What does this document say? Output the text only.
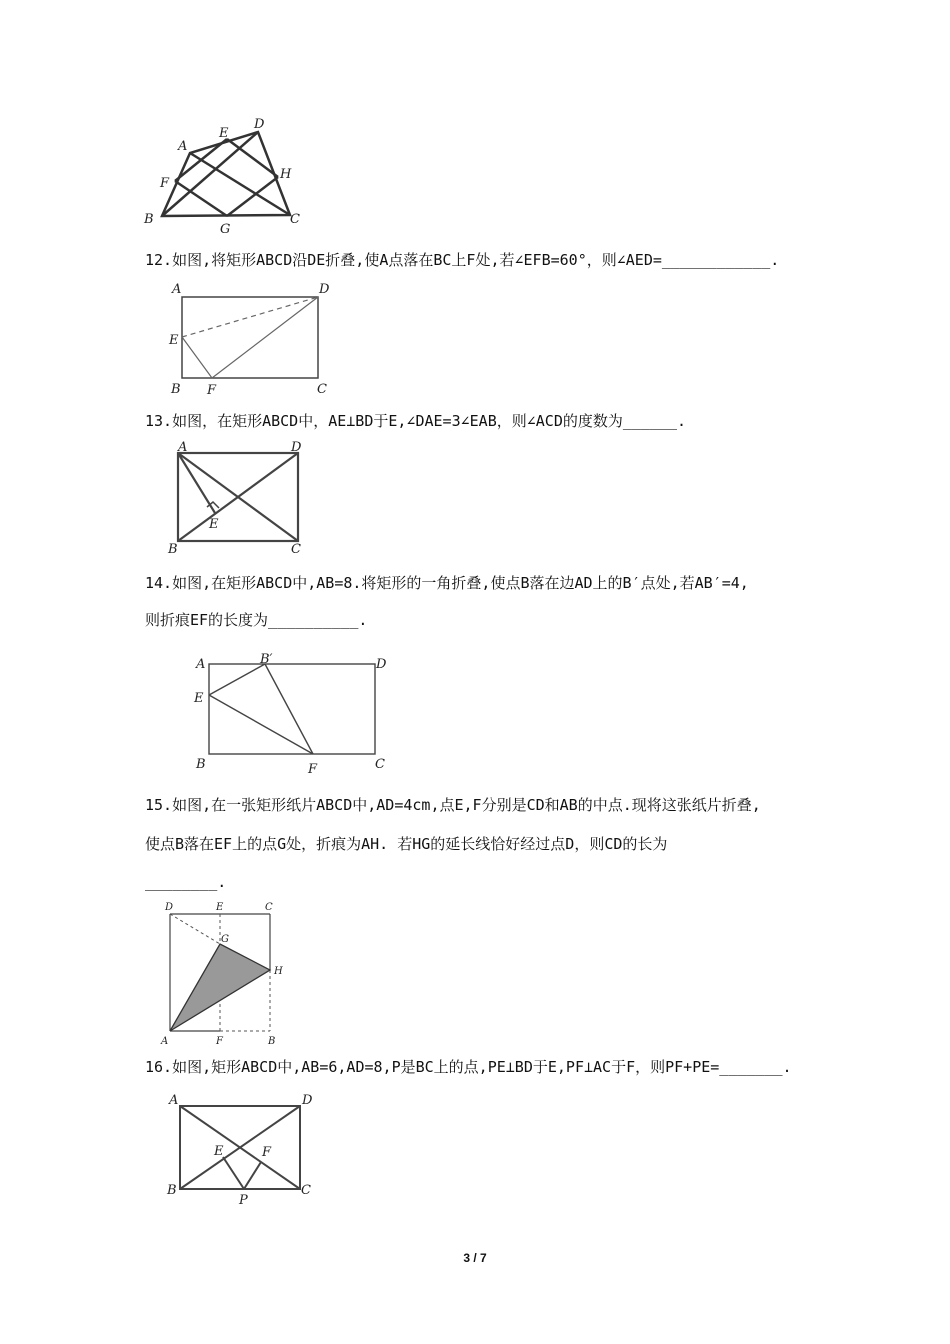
A
E
D
F
H
B
G
C
12.如图,将矩形ABCD沿DE折叠,使A点落在BC上F处,若∠EFB=60°，则∠AED=____________.
A	D
E
B F	C
13.如图，在矩形ABCD中，AE⊥BD于E,∠DAE=3∠EAB，则∠ACD的度数为______.
A	D
E
B	C
14.如图,在矩形ABCD中,AB=8.将矩形的一角折叠,使点B落在边AD上的B′点处,若AB′=4,
则折痕EF的长度为__________.
A	B′	D
E
B	F	C
15.如图,在一张矩形纸片ABCD中,AD=4cm,点E,F分别是CD和AB的中点.现将这张纸片折叠,
使点B落在EF上的点G处，折痕为AH. 若HG的延长线恰好经过点D，则CD的长为
________.
D	E	C
G
H
A	F	B
16.如图,矩形ABCD中,AB=6,AD=8,P是BC上的点,PE⊥BD于E,PF⊥AC于F，则PF+PE=_______.
A	D
E	F
B
P
C
3 / 7
